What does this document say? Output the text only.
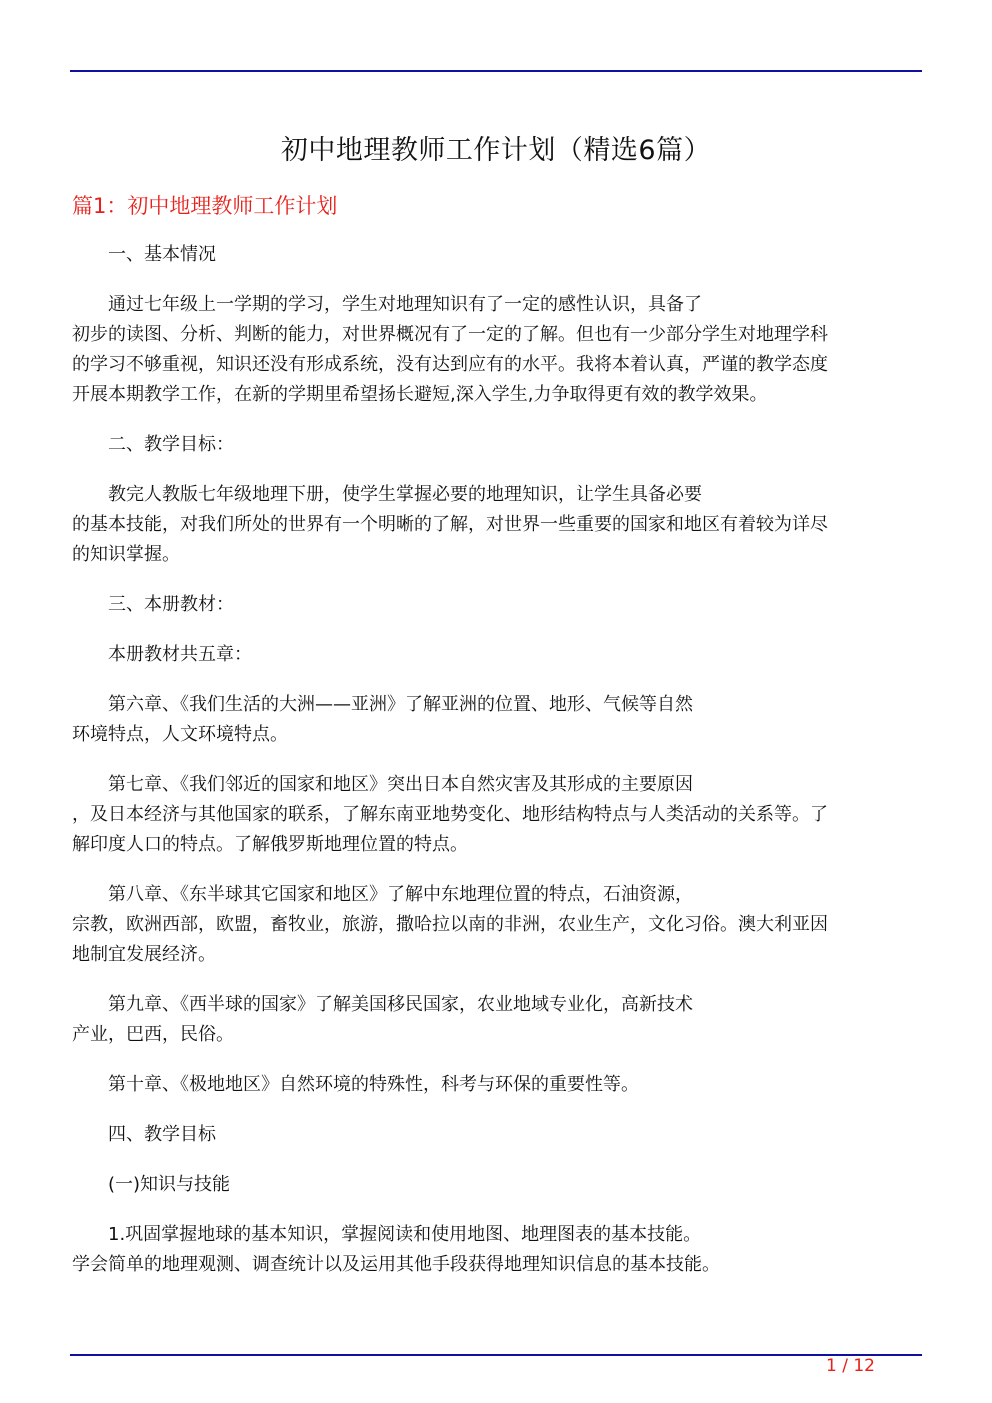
初中地理教师工作计划（精选6篇）
篇1：初中地理教师工作计划
一、基本情况
通过七年级上一学期的学习，学生对地理知识有了一定的感性认识，具备了
初步的读图、分析、判断的能力，对世界概况有了一定的了解。但也有一少部分学生对地理学科
的学习不够重视，知识还没有形成系统，没有达到应有的水平。我将本着认真，严谨的教学态度
开展本期教学工作，在新的学期里希望扬长避短,深入学生,力争取得更有效的教学效果。
二、教学目标：
教完人教版七年级地理下册，使学生掌握必要的地理知识，让学生具备必要
的基本技能，对我们所处的世界有一个明晰的了解，对世界一些重要的国家和地区有着较为详尽
的知识掌握。
三、本册教材：
本册教材共五章：
第六章、《我们生活的大洲——亚洲》了解亚洲的位置、地形、气候等自然
环境特点，人文环境特点。
第七章、《我们邻近的国家和地区》突出日本自然灾害及其形成的主要原因
，及日本经济与其他国家的联系，了解东南亚地势变化、地形结构特点与人类活动的关系等。了
解印度人口的特点。了解俄罗斯地理位置的特点。
第八章、《东半球其它国家和地区》了解中东地理位置的特点，石油资源，
宗教，欧洲西部，欧盟，畜牧业，旅游，撒哈拉以南的非洲，农业生产，文化习俗。澳大利亚因
地制宜发展经济。
第九章、《西半球的国家》了解美国移民国家，农业地域专业化，高新技术
产业，巴西，民俗。
第十章、《极地地区》自然环境的特殊性，科考与环保的重要性等。
四、教学目标
(一)知识与技能
1.巩固掌握地球的基本知识，掌握阅读和使用地图、地理图表的基本技能。
学会简单的地理观测、调查统计以及运用其他手段获得地理知识信息的基本技能。
1 / 12
